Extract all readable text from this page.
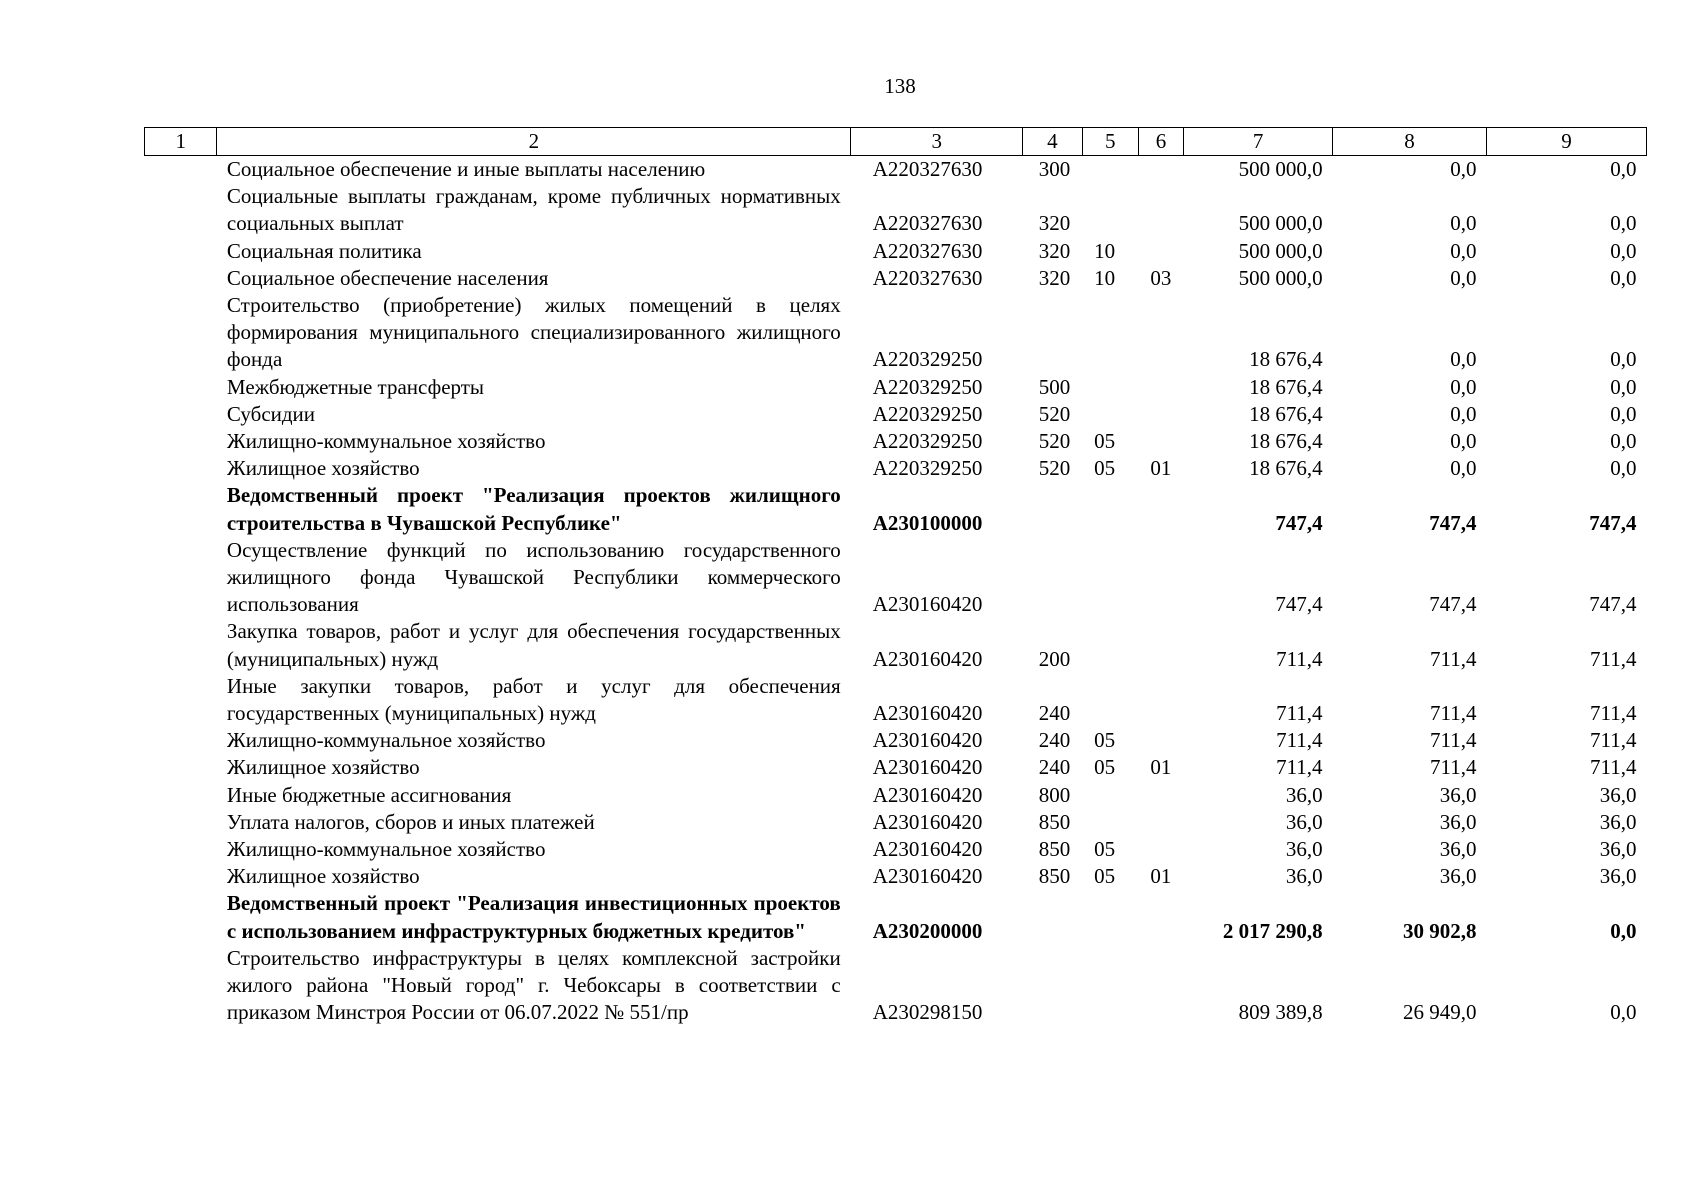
138
1	2	3	4	5	6	7	8	9
	Социальное обеспечение и иные выплаты населению	А220327630	300			500 000,0	0,0	0,0
	Социальные выплаты гражданам, кроме публичных нормативных социальных выплат	А220327630	320			500 000,0	0,0	0,0
	Социальная политика	А220327630	320	10		500 000,0	0,0	0,0
	Социальное обеспечение населения	А220327630	320	10	03	500 000,0	0,0	0,0
	Строительство (приобретение) жилых помещений в целях формирования муниципального специализированного жилищного фонда	А220329250				18 676,4	0,0	0,0
	Межбюджетные трансферты	А220329250	500			18 676,4	0,0	0,0
	Субсидии	А220329250	520			18 676,4	0,0	0,0
	Жилищно-коммунальное хозяйство	А220329250	520	05		18 676,4	0,0	0,0
	Жилищное хозяйство	А220329250	520	05	01	18 676,4	0,0	0,0
	Ведомственный проект "Реализация проектов жилищного строительства в Чувашской Республике"	А230100000				747,4	747,4	747,4
	Осуществление функций по использованию государственного жилищного фонда Чувашской Республики коммерческого использования	А230160420				747,4	747,4	747,4
	Закупка товаров, работ и услуг для обеспечения государственных (муниципальных) нужд	А230160420	200			711,4	711,4	711,4
	Иные закупки товаров, работ и услуг для обеспечения государственных (муниципальных) нужд	А230160420	240			711,4	711,4	711,4
	Жилищно-коммунальное хозяйство	А230160420	240	05		711,4	711,4	711,4
	Жилищное хозяйство	А230160420	240	05	01	711,4	711,4	711,4
	Иные бюджетные ассигнования	А230160420	800			36,0	36,0	36,0
	Уплата налогов, сборов и иных платежей	А230160420	850			36,0	36,0	36,0
	Жилищно-коммунальное хозяйство	А230160420	850	05		36,0	36,0	36,0
	Жилищное хозяйство	А230160420	850	05	01	36,0	36,0	36,0
	Ведомственный проект "Реализация инвестиционных проектов с использованием инфраструктурных бюджетных кредитов"	А230200000				2 017 290,8	30 902,8	0,0
	Строительство инфраструктуры в целях комплексной застройки жилого района "Новый город" г. Чебоксары в соответствии с приказом Минстроя России от 06.07.2022 № 551/пр	А230298150				809 389,8	26 949,0	0,0
